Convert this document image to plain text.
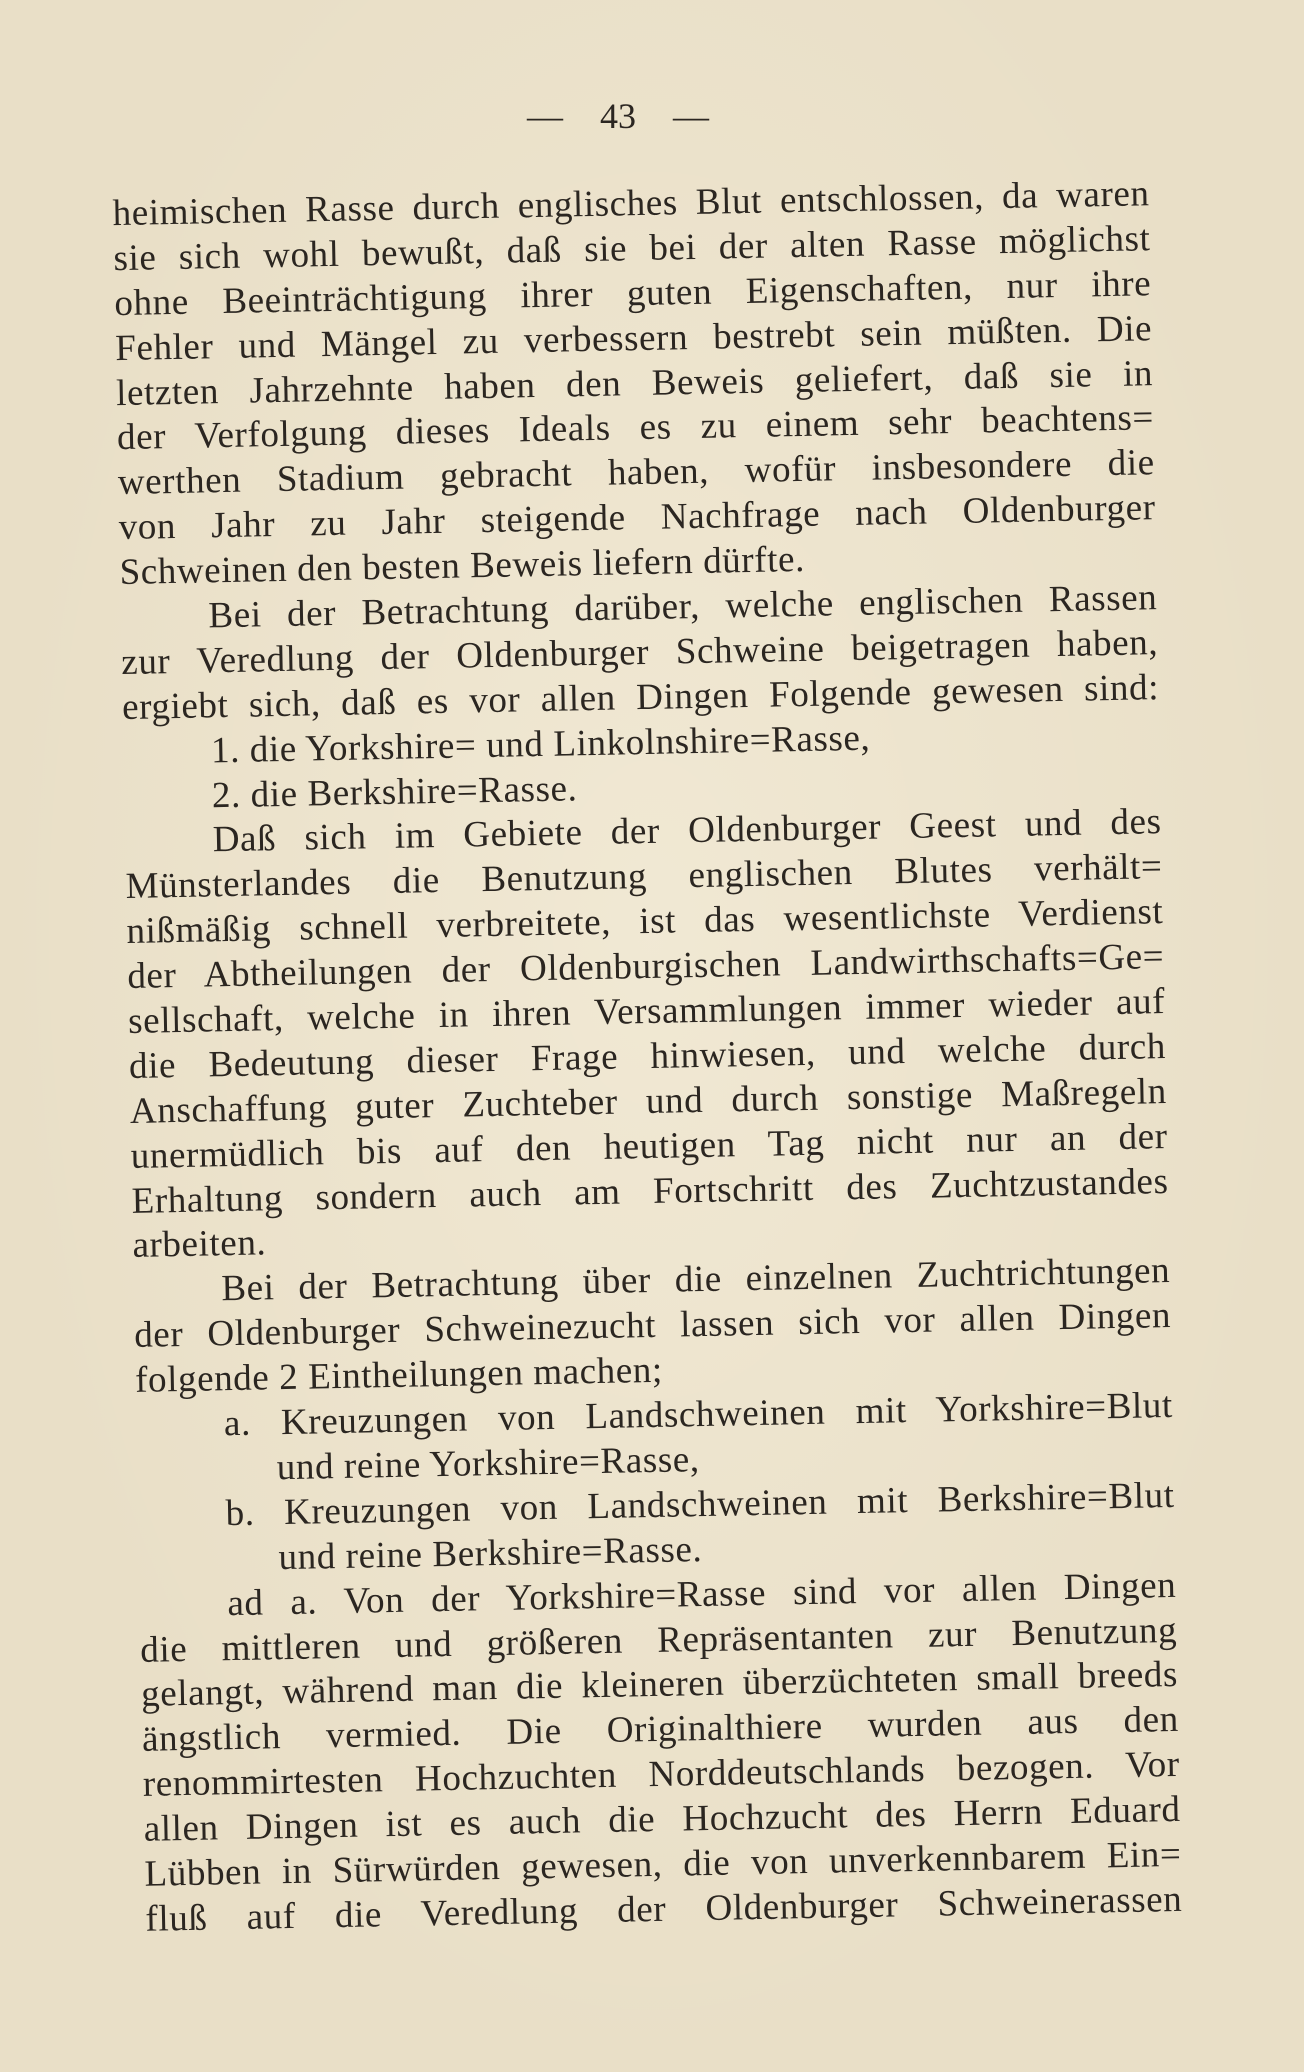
— 43 —
heimischen Rasse durch englisches Blut entschlossen, da waren
sie sich wohl bewußt, daß sie bei der alten Rasse möglichst
ohne Beeinträchtigung ihrer guten Eigenschaften, nur ihre
Fehler und Mängel zu verbessern bestrebt sein müßten. Die
letzten Jahrzehnte haben den Beweis geliefert, daß sie in
der Verfolgung dieses Ideals es zu einem sehr beachtens=
werthen Stadium gebracht haben, wofür insbesondere die
von Jahr zu Jahr steigende Nachfrage nach Oldenburger
Schweinen den besten Beweis liefern dürfte.
Bei der Betrachtung darüber, welche englischen Rassen
zur Veredlung der Oldenburger Schweine beigetragen haben,
ergiebt sich, daß es vor allen Dingen Folgende gewesen sind:
1. die Yorkshire= und Linkolnshire=Rasse,
2. die Berkshire=Rasse.
Daß sich im Gebiete der Oldenburger Geest und des
Münsterlandes die Benutzung englischen Blutes verhält=
nißmäßig schnell verbreitete, ist das wesentlichste Verdienst
der Abtheilungen der Oldenburgischen Landwirthschafts=Ge=
sellschaft, welche in ihren Versammlungen immer wieder auf
die Bedeutung dieser Frage hinwiesen, und welche durch
Anschaffung guter Zuchteber und durch sonstige Maßregeln
unermüdlich bis auf den heutigen Tag nicht nur an der
Erhaltung sondern auch am Fortschritt des Zuchtzustandes
arbeiten.
Bei der Betrachtung über die einzelnen Zuchtrichtungen
der Oldenburger Schweinezucht lassen sich vor allen Dingen
folgende 2 Eintheilungen machen;
a. Kreuzungen von Landschweinen mit Yorkshire=Blut
und reine Yorkshire=Rasse,
b. Kreuzungen von Landschweinen mit Berkshire=Blut
und reine Berkshire=Rasse.
ad a. Von der Yorkshire=Rasse sind vor allen Dingen
die mittleren und größeren Repräsentanten zur Benutzung
gelangt, während man die kleineren überzüchteten small breeds
ängstlich vermied. Die Originalthiere wurden aus den
renommirtesten Hochzuchten Norddeutschlands bezogen. Vor
allen Dingen ist es auch die Hochzucht des Herrn Eduard
Lübben in Sürwürden gewesen, die von unverkennbarem Ein=
fluß auf die Veredlung der Oldenburger Schweinerassen
